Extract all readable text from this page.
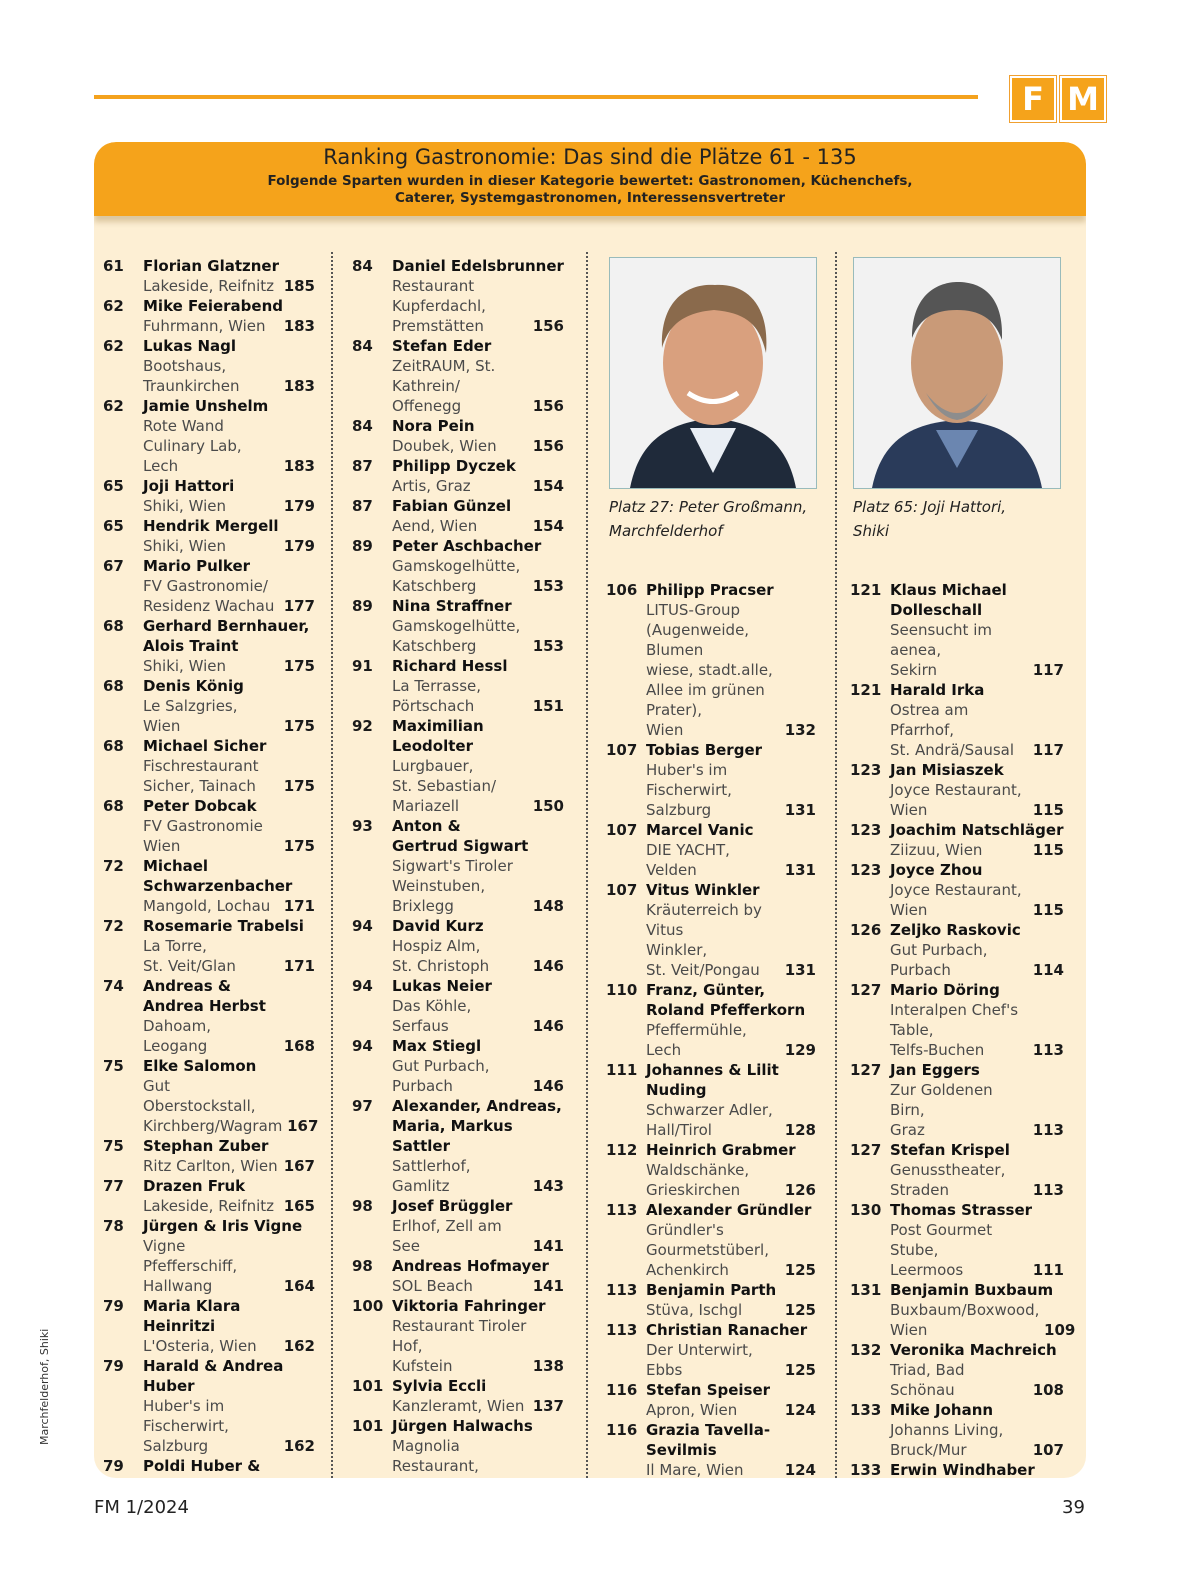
F M
Ranking Gastronomie: Das sind die Plätze 61 - 135
Folgende Sparten wurden in dieser Kategorie bewertet: Gastronomen, Küchenchefs,
Caterer, Systemgastronomen, Interessensvertreter
61	Florian Glatzner
Lakeside, Reifnitz 185
62	Mike Feierabend
Fuhrmann, Wien	183
62	Lukas Nagl
Bootshaus,
Traunkirchen	183
62	Jamie Unshelm
Rote Wand
Culinary Lab,
Lech	183
65	Joji Hattori
Shiki, Wien	179
65	Hendrik Mergell
Shiki, Wien	179
67	Mario Pulker
FV Gastronomie/
Residenz Wachau 177
68	Gerhard Bernhauer,
Alois Traint
Shiki, Wien	175
68	Denis König
Le Salzgries, Wien	175
68	Michael Sicher
Fischrestaurant
Sicher, Tainach	175
68	Peter Dobcak
FV Gastronomie
Wien	175
72	Michael
Schwarzenbacher
Mangold, Lochau 171
72	Rosemarie Trabelsi
La Torre,
St. Veit/Glan	171
74	Andreas &
Andrea Herbst
Dahoam,
Leogang	168
75	Elke Salomon
Gut Oberstockstall,
Kirchberg/Wagram 167
75	Stephan Zuber
Ritz Carlton, Wien 167
77	Drazen Fruk
Lakeside, Reifnitz 165
78	Jürgen & Iris Vigne
Vigne Pfefferschiff,
Hallwang	164
79	Maria Klara Heinritzi
L'Osteria, Wien	162
79	Harald & Andrea Huber
Huber's im Fischerwirt,
Salzburg	162
79	Poldi Huber &
84	Daniel Edelsbrunner
Restaurant Kupferdachl,
Premstätten	156
84	Stefan Eder
ZeitRAUM, St. Kathrein/
Offenegg	156
84	Nora Pein
Doubek, Wien	156
87	Philipp Dyczek
Artis, Graz	154
87	Fabian Günzel
Aend, Wien	154
89	Peter Aschbacher
Gamskogelhütte,
Katschberg	153
89	Nina Straffner
Gamskogelhütte,
Katschberg	153
91	Richard Hessl
La Terrasse,
Pörtschach	151
92	Maximilian Leodolter
Lurgbauer,
St. Sebastian/
Mariazell	150
93	Anton &
Gertrud Sigwart
Sigwart's Tiroler
Weinstuben,
Brixlegg	148
94	David Kurz
Hospiz Alm,
St. Christoph	146
94	Lukas Neier
Das Köhle, Serfaus	146
94	Max Stiegl
Gut Purbach,
Purbach	146
97	Alexander, Andreas,
Maria, Markus Sattler
Sattlerhof, Gamlitz	143
98	Josef Brüggler
Erlhof, Zell am See	141
98	Andreas Hofmayer
SOL Beach	141
100 Viktoria Fahringer
Restaurant Tiroler Hof,
Kufstein	138
101 Sylvia Eccli
Kanzleramt, Wien 137
101 Jürgen Halwachs
Magnolia Restaurant,
Platz 27: Peter Großmann,
Marchfelderhof
106 Philipp Pracser
LITUS-Group
(Augenweide, Blumen
wiese, stadt.alle,
Allee im grünen Prater),
Wien	132
107 Tobias Berger
Huber's im Fischerwirt,
Salzburg	131
107 Marcel Vanic
DIE YACHT, Velden	131
107 Vitus Winkler
Kräuterreich by Vitus
Winkler,
St. Veit/Pongau	131
110 Franz, Günter,
Roland Pfefferkorn
Pfeffermühle, Lech	129
111 Johannes & Lilit Nuding
Schwarzer Adler,
Hall/Tirol	128
112 Heinrich Grabmer
Waldschänke,
Grieskirchen	126
113 Alexander Gründler
Gründler's
Gourmetstüberl,
Achenkirch	125
113 Benjamin Parth
Stüva, Ischgl	125
113 Christian Ranacher
Der Unterwirt, Ebbs	125
116 Stefan Speiser
Apron, Wien	124
116 Grazia Tavella-Sevilmis
Il Mare, Wien	124
Platz 65: Joji Hattori,
Shiki
121 Klaus Michael
Dolleschall
Seensucht im aenea,
Sekirn	117
121 Harald Irka
Ostrea am Pfarrhof,
St. Andrä/Sausal	117
123 Jan Misiaszek
Joyce Restaurant,
Wien	115
123 Joachim Natschläger
Ziizuu, Wien	115
123 Joyce Zhou
Joyce Restaurant,
Wien	115
126 Zeljko Raskovic
Gut Purbach,
Purbach	114
127 Mario Döring
Interalpen Chef's Table,
Telfs-Buchen	113
127 Jan Eggers
Zur Goldenen Birn,
Graz	113
127 Stefan Krispel
Genusstheater,
Straden	113
130 Thomas Strasser
Post Gourmet Stube,
Leermoos	111
131 Benjamin Buxbaum
Buxbaum/Boxwood,
Wien	109
132 Veronika Machreich
Triad, Bad Schönau	108
133 Mike Johann
Johanns Living,
Bruck/Mur	107
133 Erwin Windhaber
Marchfelderhof, Shiki
FM 1/2024	39
